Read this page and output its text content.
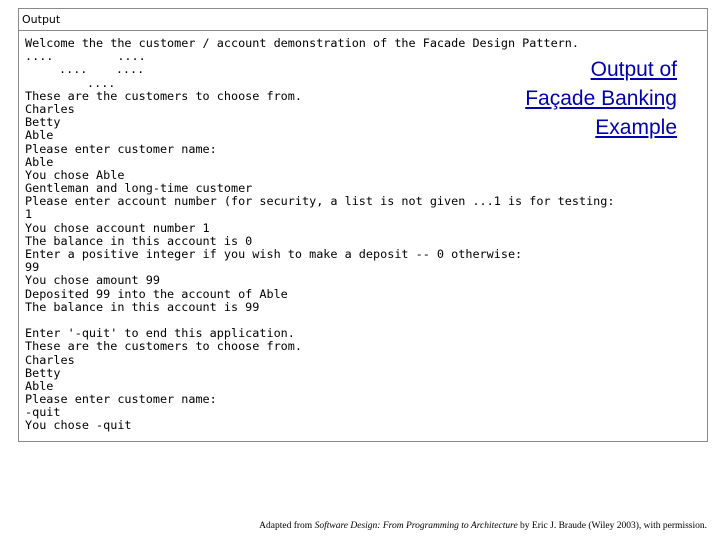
Output
Welcome the the customer / account demonstration of the Facade Design Pattern.
....         ....
....    ....
....
These are the customers to choose from.
Charles
Betty
Able
Please enter customer name:
Able
You chose Able
Gentleman and long-time customer
Please enter account number (for security, a list is not given ...1 is for testing:
1
You chose account number 1
The balance in this account is 0
Enter a positive integer if you wish to make a deposit -- 0 otherwise:
99
You chose amount 99
Deposited 99 into the account of Able
The balance in this account is 99
Enter '-quit' to end this application.
These are the customers to choose from.
Charles
Betty
Able
Please enter customer name:
-quit
You chose -quit
Output of
Façade Banking
Example
Adapted from Software Design: From Programming to Architecture by Eric J. Braude (Wiley 2003), with permission.
